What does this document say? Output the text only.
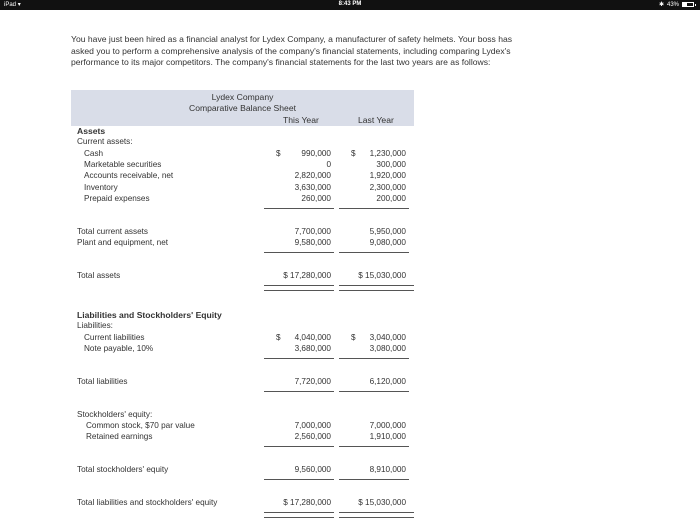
iPad ▾	8:43 PM	✱ 43%
You have just been hired as a financial analyst for Lydex Company, a manufacturer of safety helmets. Your boss has asked you to perform a comprehensive analysis of the company's financial statements, including comparing Lydex's performance to its major competitors. The company's financial statements for the last two years are as follows:
Lydex Company
Comparative Balance Sheet
This Year	Last Year
Assets
Current assets:
Cash	$	990,000 $ 1,230,000
Marketable securities	0	300,000
Accounts receivable, net	2,820,000	1,920,000
Inventory	3,630,000	2,300,000
Prepaid expenses	260,000	200,000
Total current assets	7,700,000	5,950,000
Plant and equipment, net	9,580,000	9,080,000
Total assets	$ 17,280,000	$ 15,030,000
Liabilities and Stockholders' Equity
Liabilities:
Current liabilities	$ 4,040,000 $ 3,040,000
Note payable, 10%	3,680,000	3,080,000
Total liabilities	7,720,000	6,120,000
Stockholders' equity:
Common stock, $70 par value	7,000,000	7,000,000
Retained earnings	2,560,000	1,910,000
Total stockholders' equity	9,560,000	8,910,000
Total liabilities and stockholders' equity	$ 17,280,000	$ 15,030,000
